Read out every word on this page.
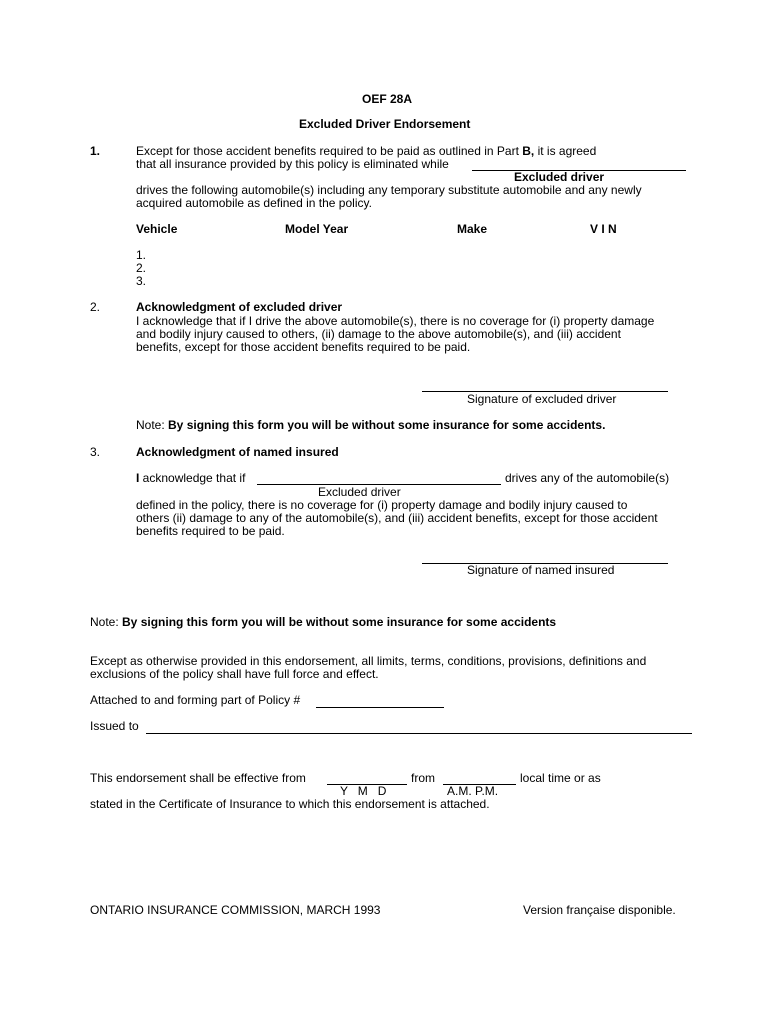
OEF 28A
Excluded Driver Endorsement
1.	Except for those accident benefits required to be paid as outlined in Part B, it is agreed
that all insurance provided by this policy is eliminated while
Excluded driver
drives the following automobile(s) including any temporary substitute automobile and any newly
acquired automobile as defined in the policy.
Vehicle	Model Year	Make	V I N
1.
2.
3.
2.	Acknowledgment of excluded driver
I acknowledge that if I drive the above automobile(s), there is no coverage for (i) property damage
and bodily injury caused to others, (ii) damage to the above automobile(s), and (iii) accident
benefits, except for those accident benefits required to be paid.
Signature of excluded driver
Note: By signing this form you will be without some insurance for some accidents.
3.	Acknowledgment of named insured
I acknowledge that if	drives any of the automobile(s)
Excluded driver
defined in the policy, there is no coverage for (i) property damage and bodily injury caused to
others (ii) damage to any of the automobile(s), and (iii) accident benefits, except for those accident
benefits required to be paid.
Signature of named insured
Note: By signing this form you will be without some insurance for some accidents
Except as otherwise provided in this endorsement, all limits, terms, conditions, provisions, definitions and
exclusions of the policy shall have full force and effect.
Attached to and forming part of Policy #
Issued to
This endorsement shall be effective from	from	local time or as
Y   M   D	A.M. P.M.
stated in the Certificate of Insurance to which this endorsement is attached.
ONTARIO INSURANCE COMMISSION, MARCH 1993	Version française disponible.
